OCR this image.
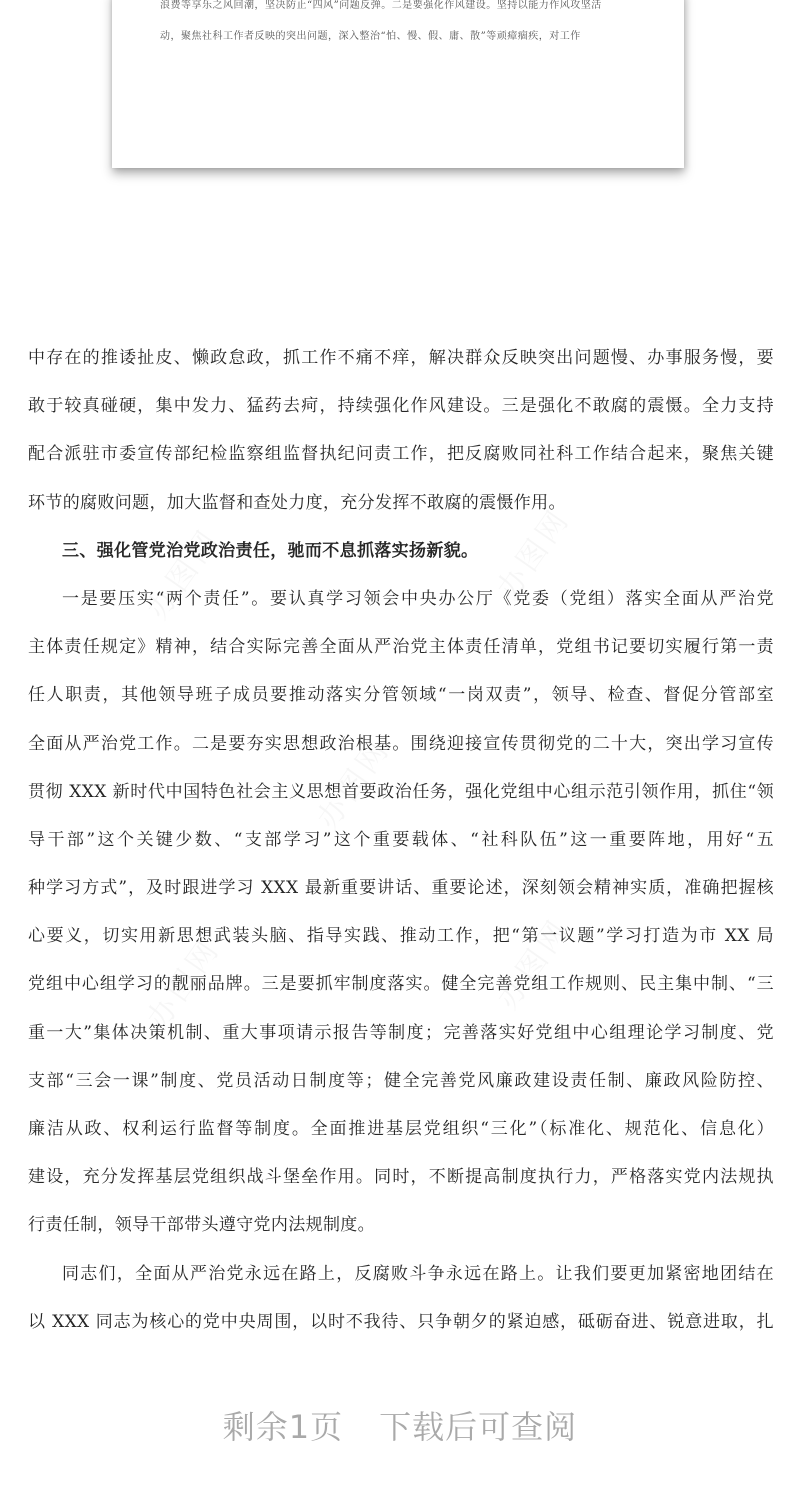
浪费等享乐之风回潮，坚决防止“四风”问题反弹。二是要强化作风建设。坚持以能力作风攻坚活
动，聚焦社科工作者反映的突出问题，深入整治“怕、慢、假、庸、散”等顽瘴痼疾，对工作
中存在的推诿扯皮、懒政怠政，抓工作不痛不痒，解决群众反映突出问题慢、办事服务慢，要
敢于较真碰硬，集中发力、猛药去疴，持续强化作风建设。三是强化不敢腐的震慑。全力支持
配合派驻市委宣传部纪检监察组监督执纪问责工作，把反腐败同社科工作结合起来，聚焦关键
环节的腐败问题，加大监督和查处力度，充分发挥不敢腐的震慑作用。
三、强化管党治党政治责任，驰而不息抓落实扬新貌。
一是要压实“两个责任”。要认真学习领会中央办公厅《党委（党组）落实全面从严治党
主体责任规定》精神，结合实际完善全面从严治党主体责任清单，党组书记要切实履行第一责
任人职责，其他领导班子成员要推动落实分管领域“一岗双责”，领导、检查、督促分管部室
全面从严治党工作。二是要夯实思想政治根基。围绕迎接宣传贯彻党的二十大，突出学习宣传
贯彻 XXX 新时代中国特色社会主义思想首要政治任务，强化党组中心组示范引领作用，抓住“领
导干部”这个关键少数、“支部学习”这个重要载体、“社科队伍”这一重要阵地，用好“五
种学习方式”，及时跟进学习 XXX 最新重要讲话、重要论述，深刻领会精神实质，准确把握核
心要义，切实用新思想武装头脑、指导实践、推动工作，把“第一议题”学习打造为市 XX 局
党组中心组学习的靓丽品牌。三是要抓牢制度落实。健全完善党组工作规则、民主集中制、“三
重一大”集体决策机制、重大事项请示报告等制度；完善落实好党组中心组理论学习制度、党
支部“三会一课”制度、党员活动日制度等；健全完善党风廉政建设责任制、廉政风险防控、
廉洁从政、权利运行监督等制度。全面推进基层党组织“三化”（标准化、规范化、信息化）
建设，充分发挥基层党组织战斗堡垒作用。同时，不断提高制度执行力，严格落实党内法规执
行责任制，领导干部带头遵守党内法规制度。
同志们，全面从严治党永远在路上，反腐败斗争永远在路上。让我们要更加紧密地团结在
以 XXX 同志为核心的党中央周围，以时不我待、只争朝夕的紧迫感，砥砺奋进、锐意进取，扎
剩余1页 下载后可查阅
